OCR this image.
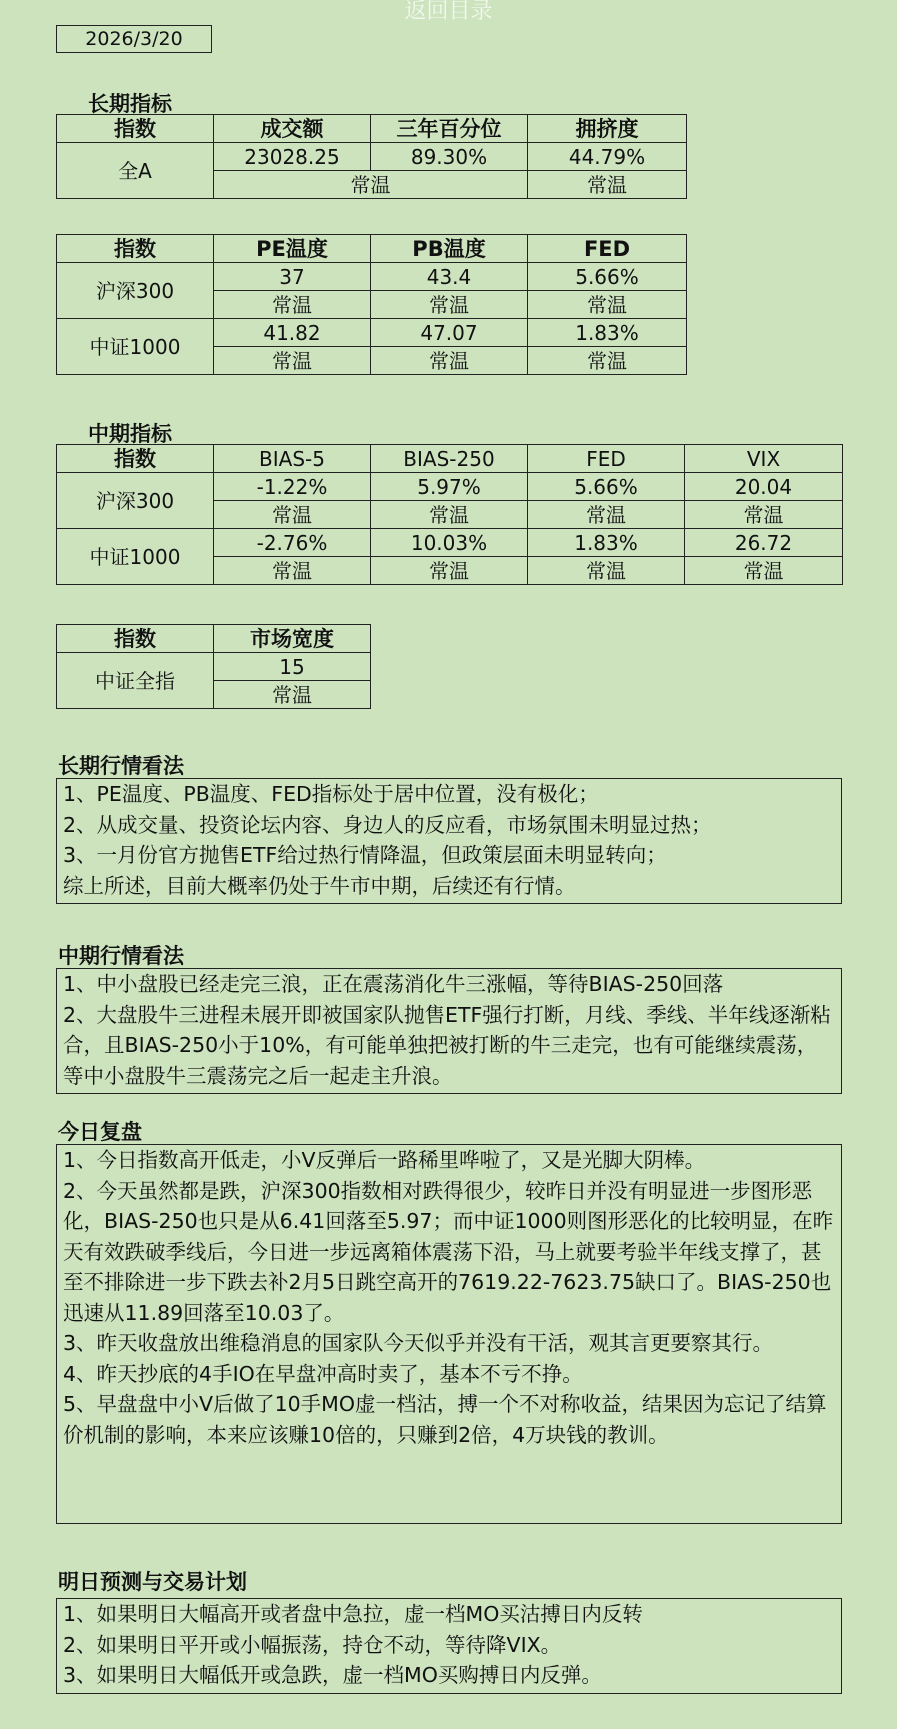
返回目录
2026/3/20
长期指标
指数	成交额	三年百分位	拥挤度
全A	23028.25	89.30%	44.79%
	常温		常温
指数	PE温度	PB温度	FED
沪深300	37	43.4	5.66%
	常温	常温	常温
中证1000	41.82	47.07	1.83%
	常温	常温	常温
中期指标
指数	BIAS-5	BIAS-250	FED	VIX
沪深300	-1.22%	5.97%	5.66%	20.04
	常温	常温	常温	常温
中证1000	-2.76%	10.03%	1.83%	26.72
	常温	常温	常温	常温
指数	市场宽度
中证全指	15
	常温
长期行情看法
1、PE温度、PB温度、FED指标处于居中位置，没有极化；
2、从成交量、投资论坛内容、身边人的反应看，市场氛围未明显过热；
3、一月份官方抛售ETF给过热行情降温，但政策层面未明显转向；
综上所述，目前大概率仍处于牛市中期，后续还有行情。
中期行情看法
1、中小盘股已经走完三浪，正在震荡消化牛三涨幅，等待BIAS-250回落
2、大盘股牛三进程未展开即被国家队抛售ETF强行打断，月线、季线、半年线逐渐粘合，且BIAS-250小于10%，有可能单独把被打断的牛三走完，也有可能继续震荡，等中小盘股牛三震荡完之后一起走主升浪。
今日复盘
1、今日指数高开低走，小V反弹后一路稀里哗啦了，又是光脚大阴棒。
2、今天虽然都是跌，沪深300指数相对跌得很少，较昨日并没有明显进一步图形恶化，BIAS-250也只是从6.41回落至5.97；而中证1000则图形恶化的比较明显，在昨天有效跌破季线后，今日进一步远离箱体震荡下沿，马上就要考验半年线支撑了，甚至不排除进一步下跌去补2月5日跳空高开的7619.22-7623.75缺口了。BIAS-250也迅速从11.89回落至10.03了。
3、昨天收盘放出维稳消息的国家队今天似乎并没有干活，观其言更要察其行。
4、昨天抄底的4手IO在早盘冲高时卖了，基本不亏不挣。
5、早盘盘中小V后做了10手MO虚一档沽，搏一个不对称收益，结果因为忘记了结算价机制的影响，本来应该赚10倍的，只赚到2倍，4万块钱的教训。
明日预测与交易计划
1、如果明日大幅高开或者盘中急拉，虚一档MO买沽搏日内反转
2、如果明日平开或小幅振荡，持仓不动，等待降VIX。
3、如果明日大幅低开或急跌，虚一档MO买购搏日内反弹。
